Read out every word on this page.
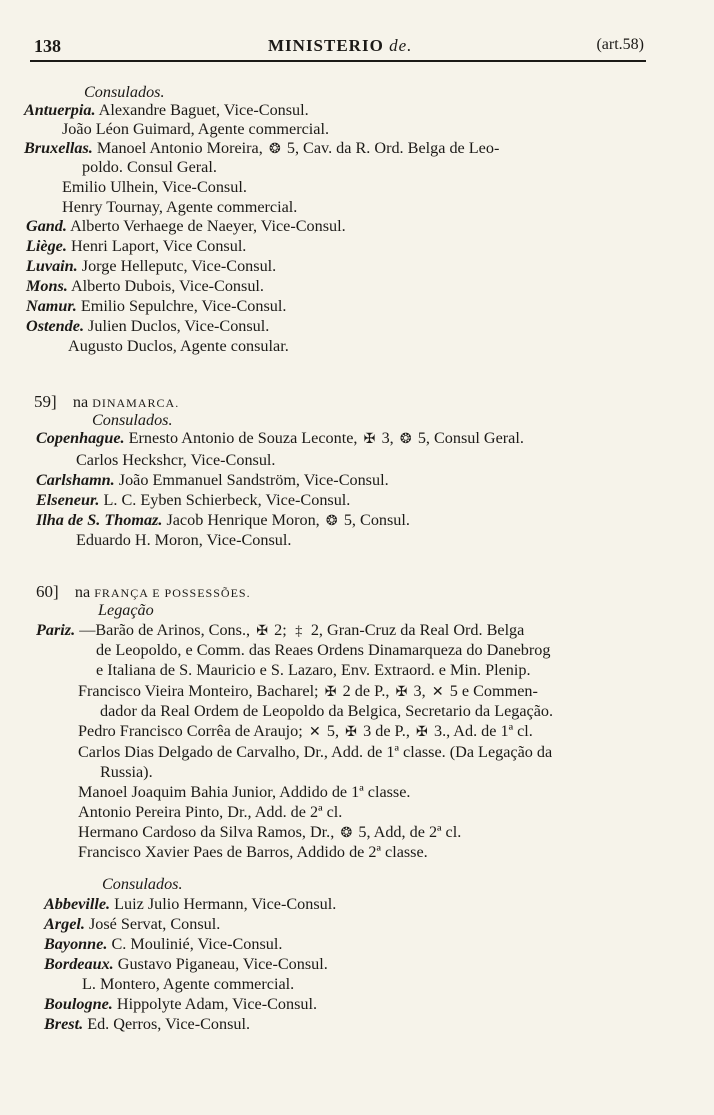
138	MINISTERIO de.	(art.58)
Consulados.
Antuerpia. Alexandre Baguet, Vice-Consul.
João Léon Guimard, Agente commercial.
Bruxellas. Manoel Antonio Moreira, ❂ 5, Cav. da R. Ord. Belga de Leo-
poldo. Consul Geral.
Emilio Ulhein, Vice-Consul.
Henry Tournay, Agente commercial.
Gand. Alberto Verhaege de Naeyer, Vice-Consul.
Liège. Henri Laport, Vice Consul.
Luvain. Jorge Helleputc, Vice-Consul.
Mons. Alberto Dubois, Vice-Consul.
Namur. Emilio Sepulchre, Vice-Consul.
Ostende. Julien Duclos, Vice-Consul.
Augusto Duclos, Agente consular.
59] na DINAMARCA.
Consulados.
Copenhague. Ernesto Antonio de Souza Leconte, ✠ 3, ❂ 5, Consul Geral.
Carlos Heckshcr, Vice-Consul.
Carlshamn. João Emmanuel Sandström, Vice-Consul.
Elseneur. L. C. Eyben Schierbeck, Vice-Consul.
Ilha de S. Thomaz. Jacob Henrique Moron, ❂ 5, Consul.
Eduardo H. Moron, Vice-Consul.
60] na FRANÇA E POSSESSÕES.
Legação
Pariz. —Barão de Arinos, Cons., ✠ 2; ‡ 2, Gran-Cruz da Real Ord. Belga
de Leopoldo, e Comm. das Reaes Ordens Dinamarqueza do Danebrog
e Italiana de S. Mauricio e S. Lazaro, Env. Extraord. e Min. Plenip.
Francisco Vieira Monteiro, Bacharel; ✠ 2 de P., ✠ 3, ✕ 5 e Commen-
dador da Real Ordem de Leopoldo da Belgica, Secretario da Legação.
Pedro Francisco Corrêa de Araujo; ✕ 5, ✠ 3 de P., ✠ 3., Ad. de 1ª cl.
Carlos Dias Delgado de Carvalho, Dr., Add. de 1ª classe. (Da Legação da
Russia).
Manoel Joaquim Bahia Junior, Addido de 1ª classe.
Antonio Pereira Pinto, Dr., Add. de 2ª cl.
Hermano Cardoso da Silva Ramos, Dr., ❂ 5, Add, de 2ª cl.
Francisco Xavier Paes de Barros, Addido de 2ª classe.
Consulados.
Abbeville. Luiz Julio Hermann, Vice-Consul.
Argel. José Servat, Consul.
Bayonne. C. Moulinié, Vice-Consul.
Bordeaux. Gustavo Piganeau, Vice-Consul.
L. Montero, Agente commercial.
Boulogne. Hippolyte Adam, Vice-Consul.
Brest. Ed. Qerros, Vice-Consul.
